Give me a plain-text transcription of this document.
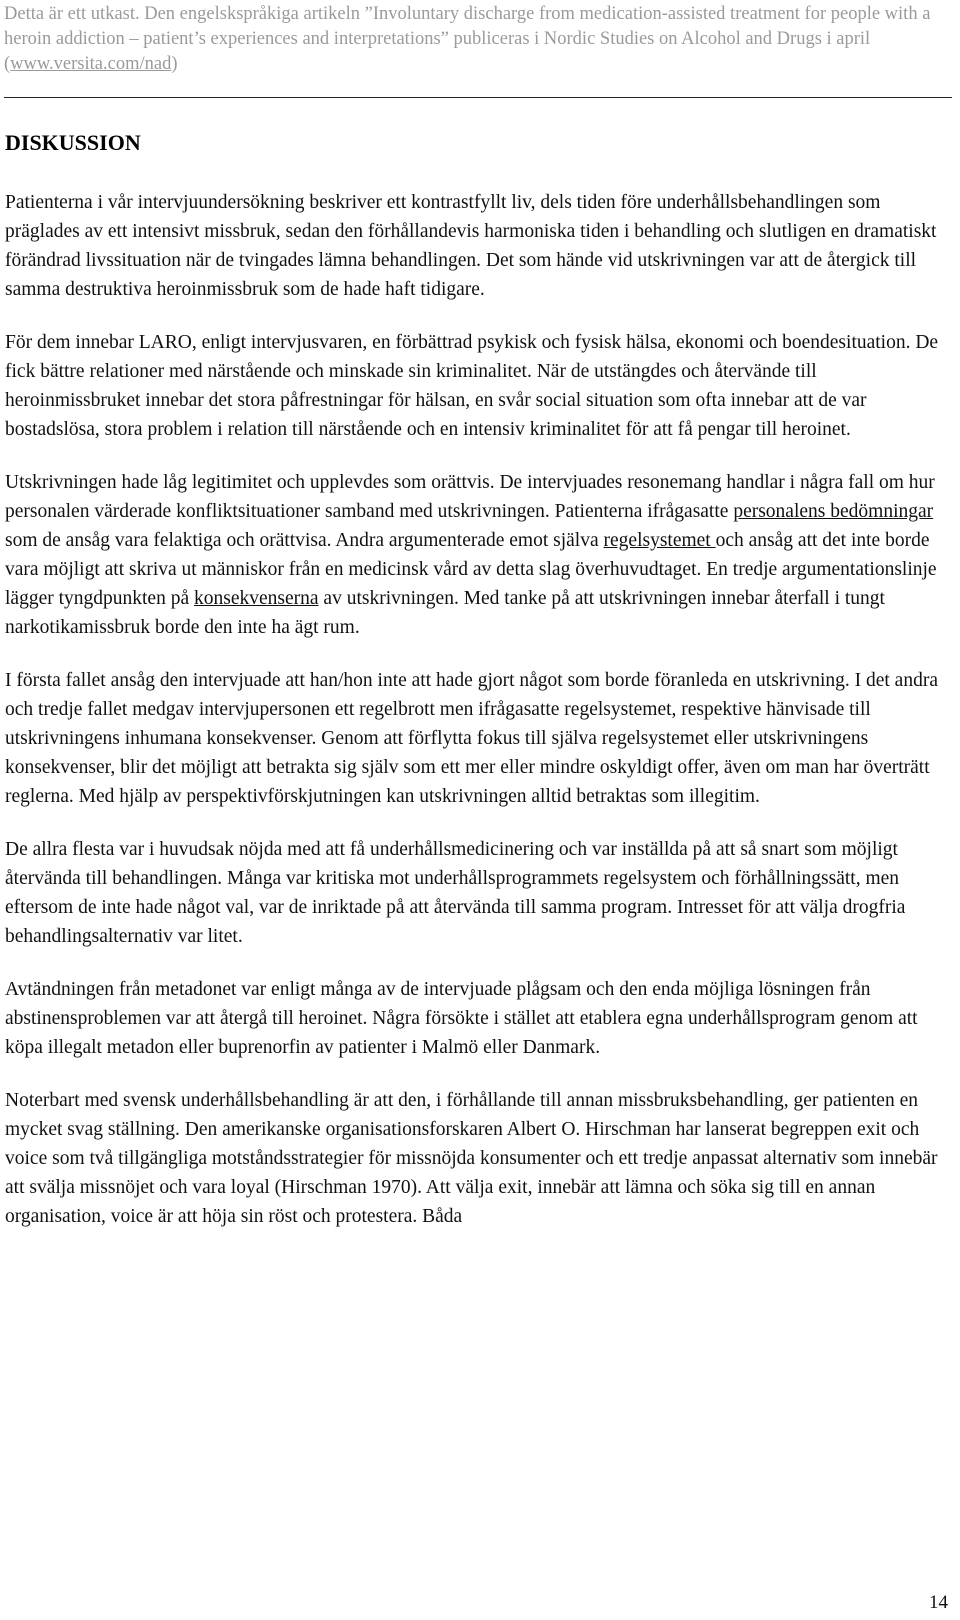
Detta är ett utkast. Den engelskspråkiga artikeln ”Involuntary discharge from medication-assisted treatment for people with a heroin addiction – patient’s experiences and interpretations” publiceras i Nordic Studies on Alcohol and Drugs i april (www.versita.com/nad)
DISKUSSION

Patienterna i vår intervjuundersökning beskriver ett kontrastfyllt liv, dels tiden före underhållsbehandlingen som präglades av ett intensivt missbruk, sedan den förhållandevis harmoniska tiden i behandling och slutligen en dramatiskt förändrad livssituation när de tvingades lämna behandlingen. Det som hände vid utskrivningen var att de återgick till samma destruktiva heroinmissbruk som de hade haft tidigare.

För dem innebar LARO, enligt intervjusvaren, en förbättrad psykisk och fysisk hälsa, ekonomi och boendesituation. De fick bättre relationer med närstående och minskade sin kriminalitet. När de utstängdes och återvände till heroinmissbruket innebar det stora påfrestningar för hälsan, en svår social situation som ofta innebar att de var bostadslösa, stora problem i relation till närstående och en intensiv kriminalitet för att få pengar till heroinet.

Utskrivningen hade låg legitimitet och upplevdes som orättvis. De intervjuades resonemang handlar i några fall om hur personalen värderade konfliktsituationer samband med utskrivningen. Patienterna ifrågasatte personalens bedömningar som de ansåg vara felaktiga och orättvisa. Andra argumenterade emot själva regelsystemet och ansåg att det inte borde vara möjligt att skriva ut människor från en medicinsk vård av detta slag överhuvudtaget. En tredje argumentationslinje lägger tyngdpunkten på konsekvenserna av utskrivningen. Med tanke på att utskrivningen innebar återfall i tungt narkotikamissbruk borde den inte ha ägt rum.

I första fallet ansåg den intervjuade att han/hon inte att hade gjort något som borde föranleda en utskrivning. I det andra och tredje fallet medgav intervjupersonen ett regelbrott men ifrågasatte regelsystemet, respektive hänvisade till utskrivningens inhumana konsekvenser. Genom att förflytta fokus till själva regelsystemet eller utskrivningens konsekvenser, blir det möjligt att betrakta sig själv som ett mer eller mindre oskyldigt offer, även om man har överträtt reglerna. Med hjälp av perspektivförskjutningen kan utskrivningen alltid betraktas som illegitim.

De allra flesta var i huvudsak nöjda med att få underhållsmedicinering och var inställda på att så snart som möjligt återvända till behandlingen. Många var kritiska mot underhållsprogrammets regelsystem och förhållningssätt, men eftersom de inte hade något val, var de inriktade på att återvända till samma program. Intresset för att välja drogfria behandlingsalternativ var litet.

Avtändningen från metadonet var enligt många av de intervjuade plågsam och den enda möjliga lösningen från abstinensproblemen var att återgå till heroinet. Några försökte i stället att etablera egna underhållsprogram genom att köpa illegalt metadon eller buprenorfin av patienter i Malmö eller Danmark.

Noterbart med svensk underhållsbehandling är att den, i förhållande till annan missbruksbehandling, ger patienten en mycket svag ställning. Den amerikanske organisationsforskaren Albert O. Hirschman har lanserat begreppen exit och voice som två tillgängliga motståndsstrategier för missnöjda konsumenter och ett tredje anpassat alternativ som innebär att svälja missnöjet och vara loyal (Hirschman 1970). Att välja exit, innebär att lämna och söka sig till en annan organisation, voice är att höja sin röst och protestera. Båda

14
